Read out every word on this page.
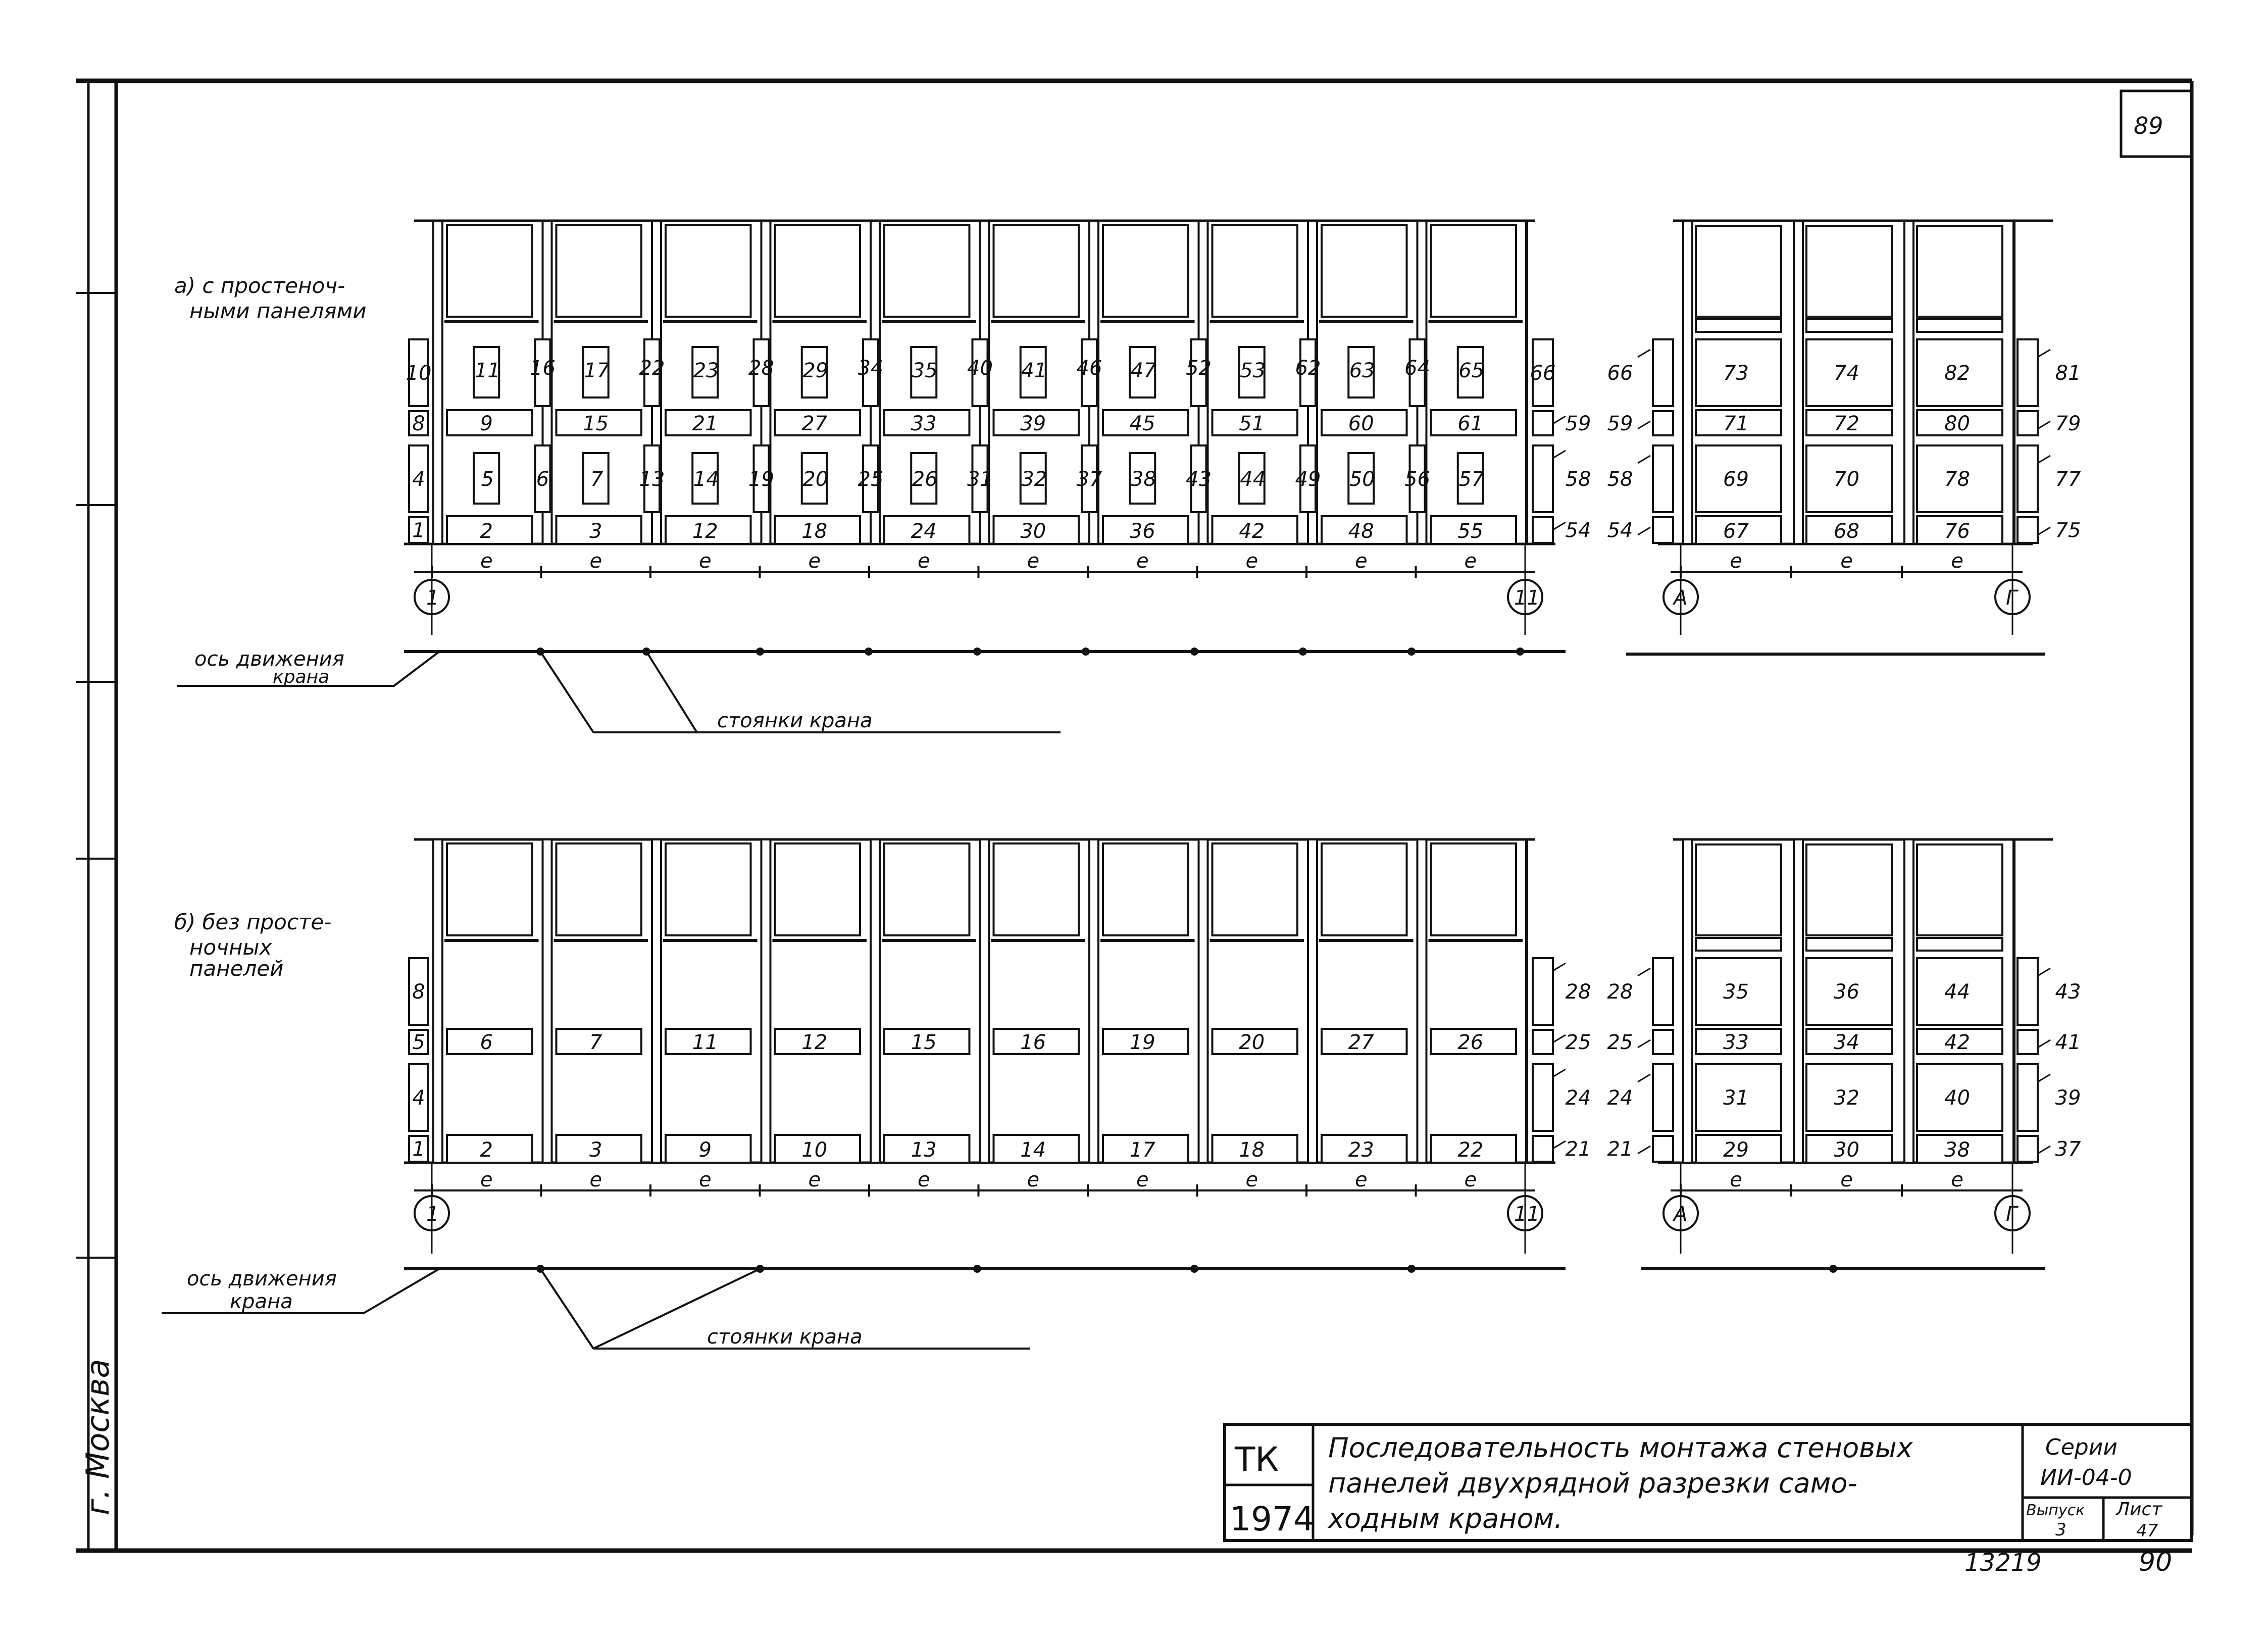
89
г. Москва
а) с простеноч-
ными панелями
10
8
4
1
66
59
58
54
e
9
2
11
5
e
15
3
17
7
16
6
e
21
12
23
14
22
13
e
27
18
29
20
28
19
e
33
24
35
26
34
25
e
39
30
41
32
40
31
e
45
36
47
38
46
37
e
51
42
53
44
52
43
e
60
48
63
50
62
49
e
61
55
65
57
64
56
66
59
58
54
81
79
77
75
73
71
69
67
e
74
72
70
68
e
82
80
78
76
e
1	11	А	Г
ось движения
крана
стоянки крана
б) без просте-
ночных
панелей
8
5
4
1
28
25
24
21
e
6
2
e
7
3
e
11
9
e
12
10
e
15
13
e
16
14
e
19
17
e
20
18
e
27
23
e
26
22
28
25
24
21
43
41
39
37
35
33
31
29
e
36
34
32
30
e
44
42
40
38
e
1	11	А	Г
ось движения
крана
стоянки крана
ТК
1974
Последовательность монтажа стеновых
панелей двухрядной разрезки само-
ходным краном.
Серии
ИИ-04-0
Выпуск
3
Лист
47
13219	90
